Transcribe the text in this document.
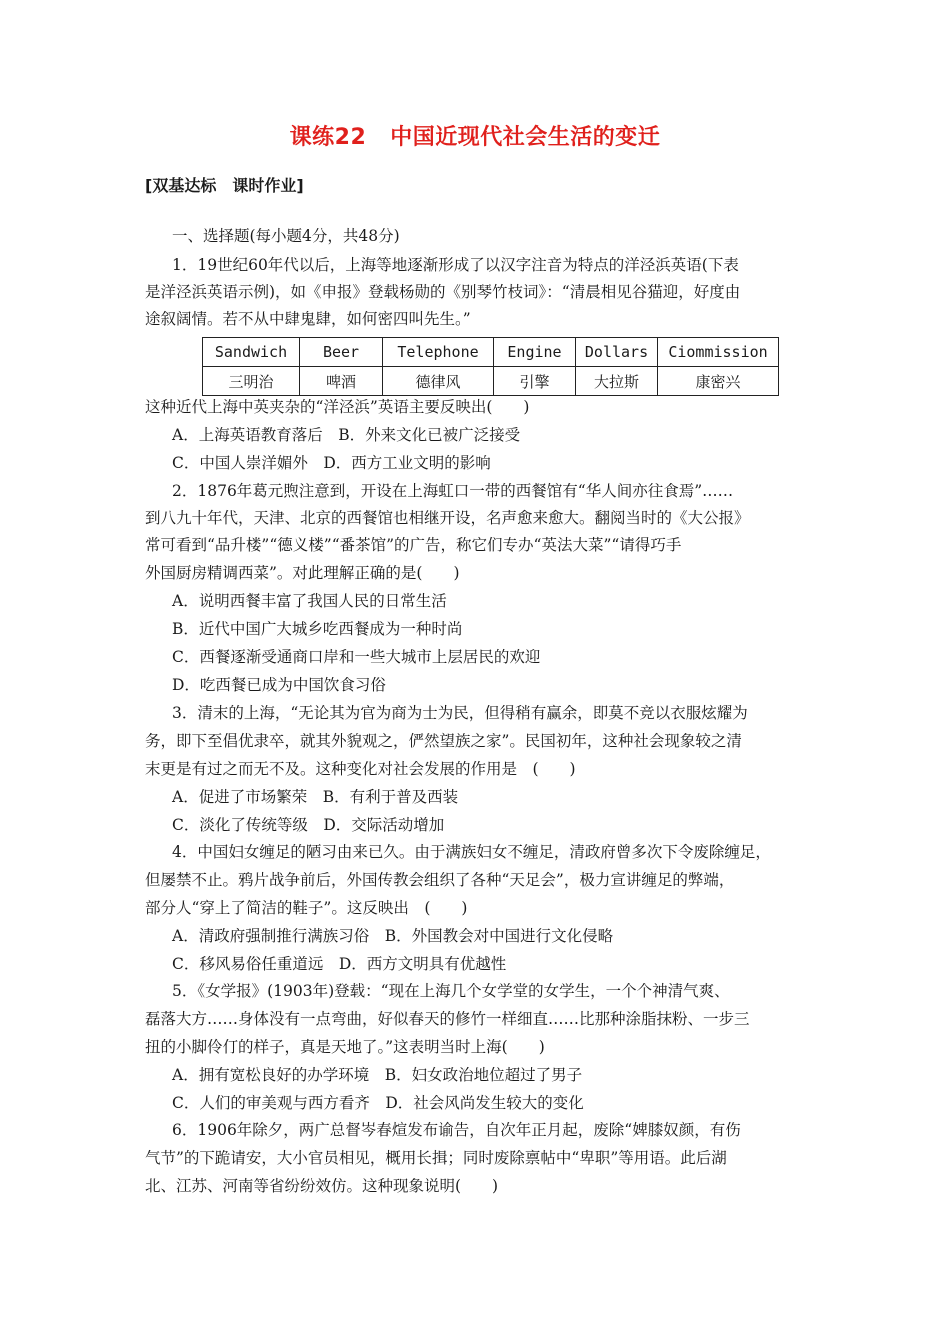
课练22 中国近现代社会生活的变迁
[双基达标　课时作业]
一、选择题(每小题4分，共48分)
1．19世纪60年代以后，上海等地逐渐形成了以汉字注音为特点的洋泾浜英语(下表
是洋泾浜英语示例)，如《申报》登载杨勋的《别琴竹枝词》：“清晨相见谷猫迎，好度由
途叙阔情。若不从中肆鬼肆，如何密四叫先生。”
Sandwich	Beer	Telephone	Engine	Dollars	Ciommission
三明治	啤酒	德律风	引擎	大拉斯	康密兴
这种近代上海中英夹杂的“洋泾浜”英语主要反映出(　　)
A．上海英语教育落后　B．外来文化已被广泛接受
C．中国人崇洋媚外　D．西方工业文明的影响
2．1876年葛元煦注意到，开设在上海虹口一带的西餐馆有“华人间亦往食焉”……
到八九十年代，天津、北京的西餐馆也相继开设，名声愈来愈大。翻阅当时的《大公报》
常可看到“品升楼”“德义楼”“番茶馆”的广告，称它们专办“英法大菜”“请得巧手
外国厨房精调西菜”。对此理解正确的是(　　)
A．说明西餐丰富了我国人民的日常生活
B．近代中国广大城乡吃西餐成为一种时尚
C．西餐逐渐受通商口岸和一些大城市上层居民的欢迎
D．吃西餐已成为中国饮食习俗
3．清末的上海，“无论其为官为商为士为民，但得稍有赢余，即莫不竞以衣服炫耀为
务，即下至倡优隶卒，就其外貌观之，俨然望族之家”。民国初年，这种社会现象较之清
末更是有过之而无不及。这种变化对社会发展的作用是　(　　)
A．促进了市场繁荣　B．有利于普及西装
C．淡化了传统等级　D．交际活动增加
4．中国妇女缠足的陋习由来已久。由于满族妇女不缠足，清政府曾多次下令废除缠足，
但屡禁不止。鸦片战争前后，外国传教会组织了各种“天足会”，极力宣讲缠足的弊端，
部分人“穿上了简洁的鞋子”。这反映出　(　　)
A．清政府强制推行满族习俗　B．外国教会对中国进行文化侵略
C．移风易俗任重道远　D．西方文明具有优越性
5．《女学报》(1903年)登载：“现在上海几个女学堂的女学生，一个个神清气爽、
磊落大方……身体没有一点弯曲，好似春天的修竹一样细直……比那种涂脂抹粉、一步三
扭的小脚伶仃的样子，真是天地了。”这表明当时上海(　　)
A．拥有宽松良好的办学环境　B．妇女政治地位超过了男子
C．人们的审美观与西方看齐　D．社会风尚发生较大的变化
6．1906年除夕，两广总督岑春煊发布谕告，自次年正月起，废除“婢膝奴颜，有伤
气节”的下跪请安，大小官员相见，概用长揖；同时废除禀帖中“卑职”等用语。此后湖
北、江苏、河南等省纷纷效仿。这种现象说明(　　)
